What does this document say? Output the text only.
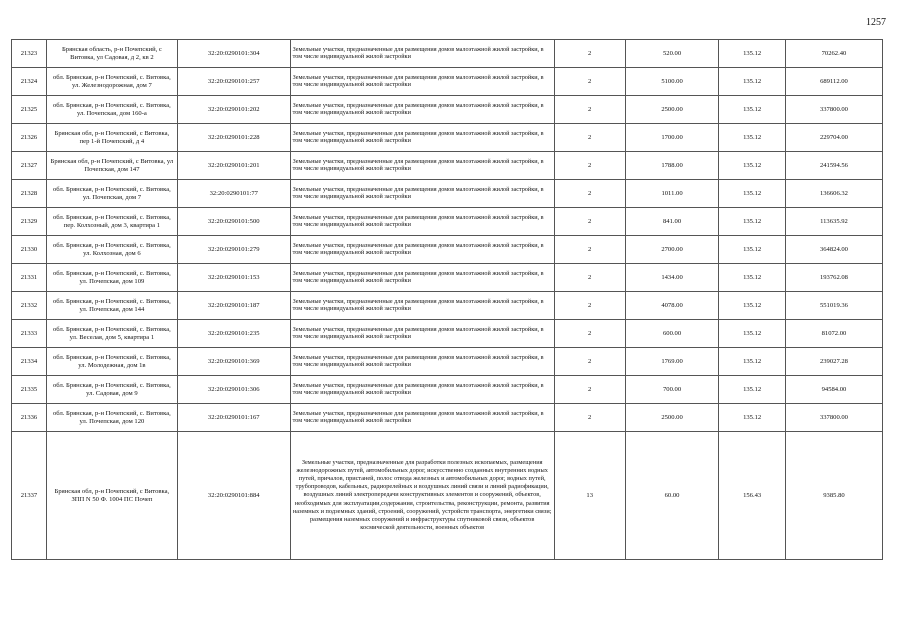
1257
21323	Брянская область, р-н Почепский, с Витовка, ул Садовая, д 2, кв 2	32:20:0290101:304	Земельные участки, предназначенные для размещения домов малоэтажной жилой застройки, в том числе индивидуальной жилой застройки	2	520.00	135.12	70262.40
21324	обл. Брянская, р-н Почепский, с. Витовка, ул. Железнодорожная, дом 7	32:20:0290101:257	Земельные участки, предназначенные для размещения домов малоэтажной жилой застройки, в том числе индивидуальной жилой застройки	2	5100.00	135.12	689112.00
21325	обл. Брянская, р-н Почепский, с. Витовка, ул. Почепская, дом 160-а	32:20:0290101:202	Земельные участки, предназначенные для размещения домов малоэтажной жилой застройки, в том числе индивидуальной жилой застройки	2	2500.00	135.12	337800.00
21326	Брянская обл, р-н Почепский, с Витовка, пер 1-й Почепский, д 4	32:20:0290101:228	Земельные участки, предназначенные для размещения домов малоэтажной жилой застройки, в том числе индивидуальной жилой застройки	2	1700.00	135.12	229704.00
21327	Брянская обл, р-н Почепский, с Витовка, ул Почепская, дом 147	32:20:0290101:201	Земельные участки, предназначенные для размещения домов малоэтажной жилой застройки, в том числе индивидуальной жилой застройки	2	1788.00	135.12	241594.56
21328	обл. Брянская, р-н Почепский, с. Витовка, ул. Почепская, дом 7	32:20:0290101:77	Земельные участки, предназначенные для размещения домов малоэтажной жилой застройки, в том числе индивидуальной жилой застройки	2	1011.00	135.12	136606.32
21329	обл. Брянская, р-н Почепский, с. Витовка, пер. Колхозный, дом 3, квартира 1	32:20:0290101:500	Земельные участки, предназначенные для размещения домов малоэтажной жилой застройки, в том числе индивидуальной жилой застройки	2	841.00	135.12	113635.92
21330	обл. Брянская, р-н Почепский, с. Витовка, ул. Колхозная, дом 6	32:20:0290101:279	Земельные участки, предназначенные для размещения домов малоэтажной жилой застройки, в том числе индивидуальной жилой застройки	2	2700.00	135.12	364824.00
21331	обл. Брянская, р-н Почепский, с. Витовка, ул. Почепская, дом 109	32:20:0290101:153	Земельные участки, предназначенные для размещения домов малоэтажной жилой застройки, в том числе индивидуальной жилой застройки	2	1434.00	135.12	193762.08
21332	обл. Брянская, р-н Почепский, с. Витовка, ул. Почепская, дом 144	32:20:0290101:187	Земельные участки, предназначенные для размещения домов малоэтажной жилой застройки, в том числе индивидуальной жилой застройки	2	4078.00	135.12	551019.36
21333	обл. Брянская, р-н Почепский, с. Витовка, ул. Веселая, дом 5, квартира 1	32:20:0290101:235	Земельные участки, предназначенные для размещения домов малоэтажной жилой застройки, в том числе индивидуальной жилой застройки	2	600.00	135.12	81072.00
21334	обл. Брянская, р-н Почепский, с. Витовка, ул. Молодежная, дом 1в	32:20:0290101:369	Земельные участки, предназначенные для размещения домов малоэтажной жилой застройки, в том числе индивидуальной жилой застройки	2	1769.00	135.12	239027.28
21335	обл. Брянская, р-н Почепский, с. Витовка, ул. Садовая, дом 9	32:20:0290101:306	Земельные участки, предназначенные для размещения домов малоэтажной жилой застройки, в том числе индивидуальной жилой застройки	2	700.00	135.12	94584.00
21336	обл. Брянская, р-н Почепский, с. Витовка, ул. Почепская, дом 120	32:20:0290101:167	Земельные участки, предназначенные для размещения домов малоэтажной жилой застройки, в том числе индивидуальной жилой застройки	2	2500.00	135.12	337800.00
21337	Брянская обл, р-н Почепский, с Витовка, ЗПП N 50 Ф. 1004 ПС Почеп	32:20:0290101:884	Земельные участки, предназначенные для разработки полезных ископаемых, размещения железнодорожных путей, автомобильных дорог, искусственно созданных внутренних водных путей, причалов, пристаней, полос отвода железных и автомобильных дорог, водных путей, трубопроводов, кабельных, радиорелейных и воздушных линий связи и линий радиофикации, воздушных линий электропередачи конструктивных элементов и сооружений, объектов, необходимых для эксплуатации,содержания, строительства, реконструкции, ремонта, развития наземных и подземных зданий, строений, сооружений, устройств транспорта, энергетики связи; размещения наземных сооружений и инфраструктуры спутниковой связи, объектов космической деятельности, военных объектов	13	60.00	156.43	9385.80
